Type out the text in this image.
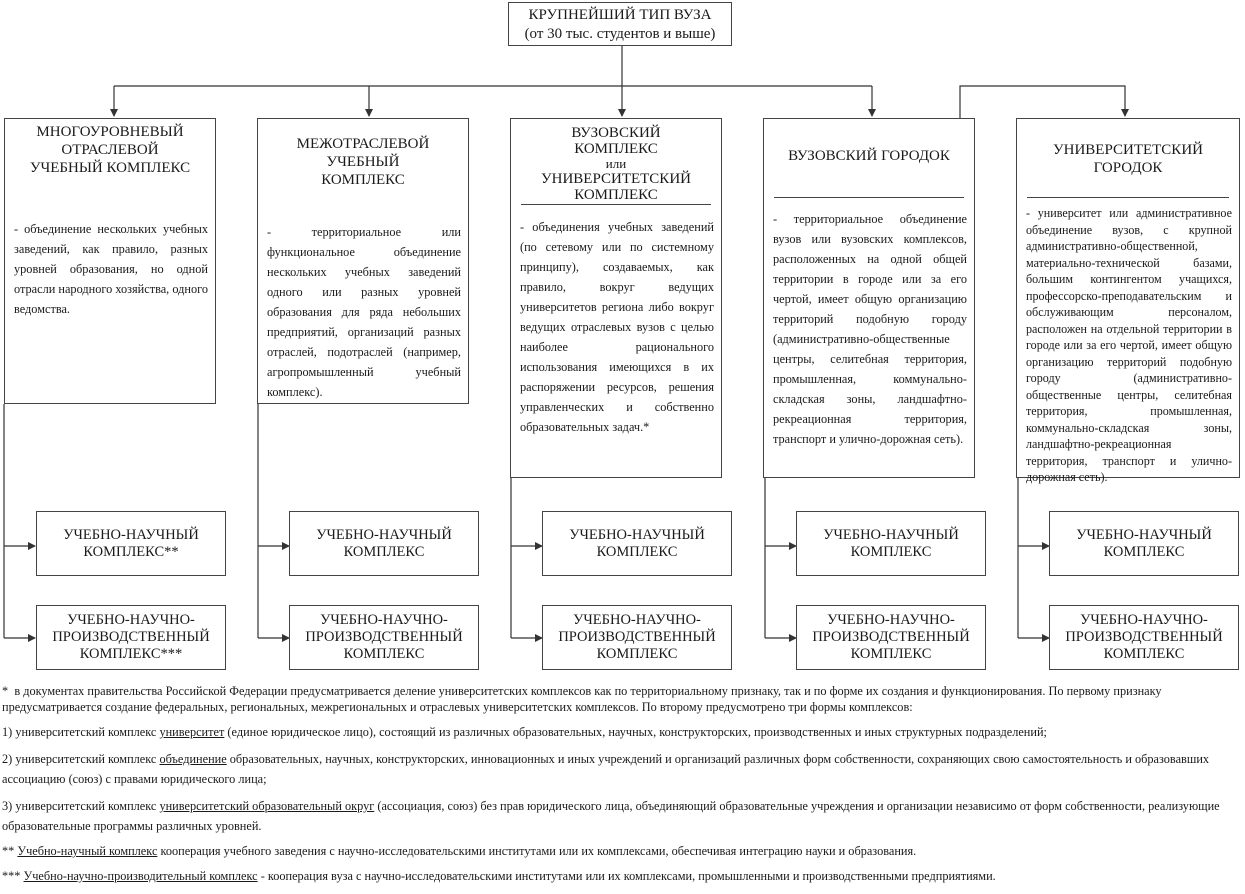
КРУПНЕЙШИЙ ТИП ВУЗА
(от 30 тыс. студентов и выше)
МНОГОУРОВНЕВЫЙ ОТРАСЛЕВОЙ УЧЕБНЫЙ КОМПЛЕКС
- объединение нескольких учебных заведений, как правило, разных уровней образования, но одной отрасли народного хозяйства, одного ведомства.
УЧЕБНО-НАУЧНЫЙ КОМПЛЕКС**
УЧЕБНО-НАУЧНО-ПРОИЗВОДСТВЕННЫЙ КОМПЛЕКС***
МЕЖОТРАСЛЕВОЙ УЧЕБНЫЙ КОМПЛЕКС
- территориальное или функциональное объединение нескольких учебных заведений одного или разных уровней образования для ряда небольших предприятий, организаций разных отраслей, подотраслей (например, агропромышленный учебный комплекс).
УЧЕБНО-НАУЧНЫЙ КОМПЛЕКС
УЧЕБНО-НАУЧНО-ПРОИЗВОДСТВЕННЫЙ КОМПЛЕКС
ВУЗОВСКИЙ КОМПЛЕКС
или
УНИВЕРСИТЕТСКИЙ КОМПЛЕКС
- объединения учебных заведений (по сетевому или по системному принципу), создаваемых, как правило, вокруг ведущих университетов региона либо вокруг ведущих отраслевых вузов с целью наиболее рационального использования имеющихся в их распоряжении ресурсов, решения управленческих и собственно образовательных задач.*
УЧЕБНО-НАУЧНЫЙ КОМПЛЕКС
УЧЕБНО-НАУЧНО-ПРОИЗВОДСТВЕННЫЙ КОМПЛЕКС
ВУЗОВСКИЙ ГОРОДОК
- территориальное объединение вузов или вузовских комплексов, расположенных на одной общей территории в городе или за его чертой, имеет общую организацию территорий подобную городу (административно-общественные центры, селитебная территория, промышленная, коммунально-складская зоны, ландшафтно-рекреационная территория, транспорт и улично-дорожная сеть).
УЧЕБНО-НАУЧНЫЙ КОМПЛЕКС
УЧЕБНО-НАУЧНО-ПРОИЗВОДСТВЕННЫЙ КОМПЛЕКС
УНИВЕРСИТЕТСКИЙ ГОРОДОК
- университет или административное объединение вузов, с крупной административно-общественной, материально-технической базами, большим контингентом учащихся, профессорско-преподавательским и обслуживающим персоналом, расположен на отдельной территории в городе или за его чертой, имеет общую организацию территорий подобную городу (административно-общественные центры, селитебная территория, промышленная, коммунально-складская зоны, ландшафтно-рекреационная территория, транспорт и улично-дорожная сеть).
УЧЕБНО-НАУЧНЫЙ КОМПЛЕКС
УЧЕБНО-НАУЧНО-ПРОИЗВОДСТВЕННЫЙ КОМПЛЕКС
* в документах правительства Российской Федерации предусматривается деление университетских комплексов как по территориальному признаку, так и по форме их создания и функционирования. По первому признаку предусматривается создание федеральных, региональных, межрегиональных и отраслевых университетских комплексов. По второму предусмотрено три формы комплексов:
1) университетский комплекс университет (единое юридическое лицо), состоящий из различных образовательных, научных, конструкторских, производственных и иных структурных подразделений;
2) университетский комплекс объединение образовательных, научных, конструкторских, инновационных и иных учреждений и организаций различных форм собственности, сохраняющих свою самостоятельность и образовавших ассоциацию (союз) с правами юридического лица;
3) университетский комплекс университетский образовательный округ (ассоциация, союз) без прав юридического лица, объединяющий образовательные учреждения и организации независимо от форм собственности, реализующие образовательные программы различных уровней.
** Учебно-научный комплекс кооперация учебного заведения с научно-исследовательскими институтами или их комплексами, обеспечивая интеграцию науки и образования.
*** Учебно-научно-производительный комплекс - кооперация вуза с научно-исследовательскими институтами или их комплексами, промышленными и производственными предприятиями.
